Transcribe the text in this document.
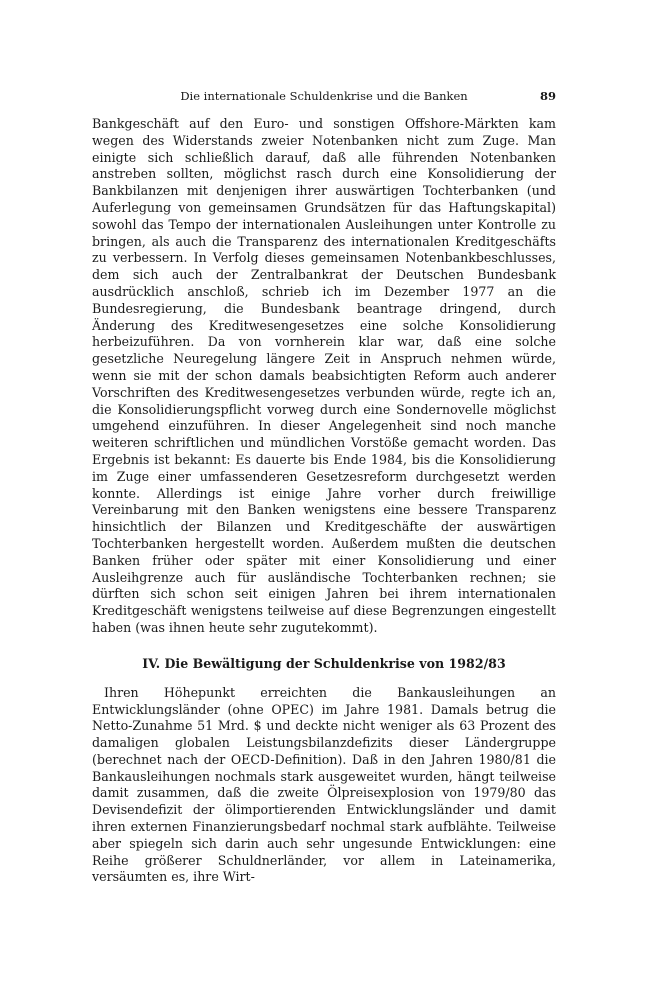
Die internationale Schuldenkrise und die Banken	89

Bankgeschäft auf den Euro- und sonstigen Offshore-Märkten kam wegen des Widerstands zweier Notenbanken nicht zum Zuge. Man einigte sich schließlich darauf, daß alle führenden Notenbanken anstreben sollten, möglichst rasch durch eine Konsolidierung der Bankbilanzen mit denjenigen ihrer auswärtigen Tochterbanken (und Auferlegung von gemeinsamen Grundsätzen für das Haftungskapital) sowohl das Tempo der internationalen Ausleihungen unter Kontrolle zu bringen, als auch die Transparenz des internationalen Kreditgeschäfts zu verbessern. In Verfolg dieses gemeinsamen Notenbankbeschlusses, dem sich auch der Zentralbankrat der Deutschen Bundesbank ausdrücklich anschloß, schrieb ich im Dezember 1977 an die Bundesregierung, die Bundesbank beantrage dringend, durch Änderung des Kreditwesengesetzes eine solche Konsolidierung herbeizuführen. Da von vornherein klar war, daß eine solche gesetzliche Neuregelung längere Zeit in Anspruch nehmen würde, wenn sie mit der schon damals beabsichtigten Reform auch anderer Vorschriften des Kreditwesengesetzes verbunden würde, regte ich an, die Konsolidierungspflicht vorweg durch eine Sondernovelle möglichst umgehend einzuführen. In dieser Angelegenheit sind noch manche weiteren schriftlichen und mündlichen Vorstöße gemacht worden. Das Ergebnis ist bekannt: Es dauerte bis Ende 1984, bis die Konsolidierung im Zuge einer umfassenderen Gesetzesreform durchgesetzt werden konnte. Allerdings ist einige Jahre vorher durch freiwillige Vereinbarung mit den Banken wenigstens eine bessere Transparenz hinsichtlich der Bilanzen und Kreditgeschäfte der auswärtigen Tochterbanken hergestellt worden. Außerdem mußten die deutschen Banken früher oder später mit einer Konsolidierung und einer Ausleihgrenze auch für ausländische Tochterbanken rechnen; sie dürften sich schon seit einigen Jahren bei ihrem internationalen Kreditgeschäft wenigstens teilweise auf diese Begrenzungen eingestellt haben (was ihnen heute sehr zugutekommt).

IV. Die Bewältigung der Schuldenkrise von 1982/83

Ihren Höhepunkt erreichten die Bankausleihungen an Entwicklungsländer (ohne OPEC) im Jahre 1981. Damals betrug die Netto-Zunahme 51 Mrd. $ und deckte nicht weniger als 63 Prozent des damaligen globalen Leistungsbilanzdefizits dieser Ländergruppe (berechnet nach der OECD-Definition). Daß in den Jahren 1980/81 die Bankausleihungen nochmals stark ausgeweitet wurden, hängt teilweise damit zusammen, daß die zweite Ölpreisexplosion von 1979/80 das Devisendefizit der ölimportierenden Entwicklungsländer und damit ihren externen Finanzierungsbedarf nochmal stark aufblähte. Teilweise aber spiegeln sich darin auch sehr ungesunde Entwicklungen: eine Reihe größerer Schuldnerländer, vor allem in Lateinamerika, versäumten es, ihre Wirt-
